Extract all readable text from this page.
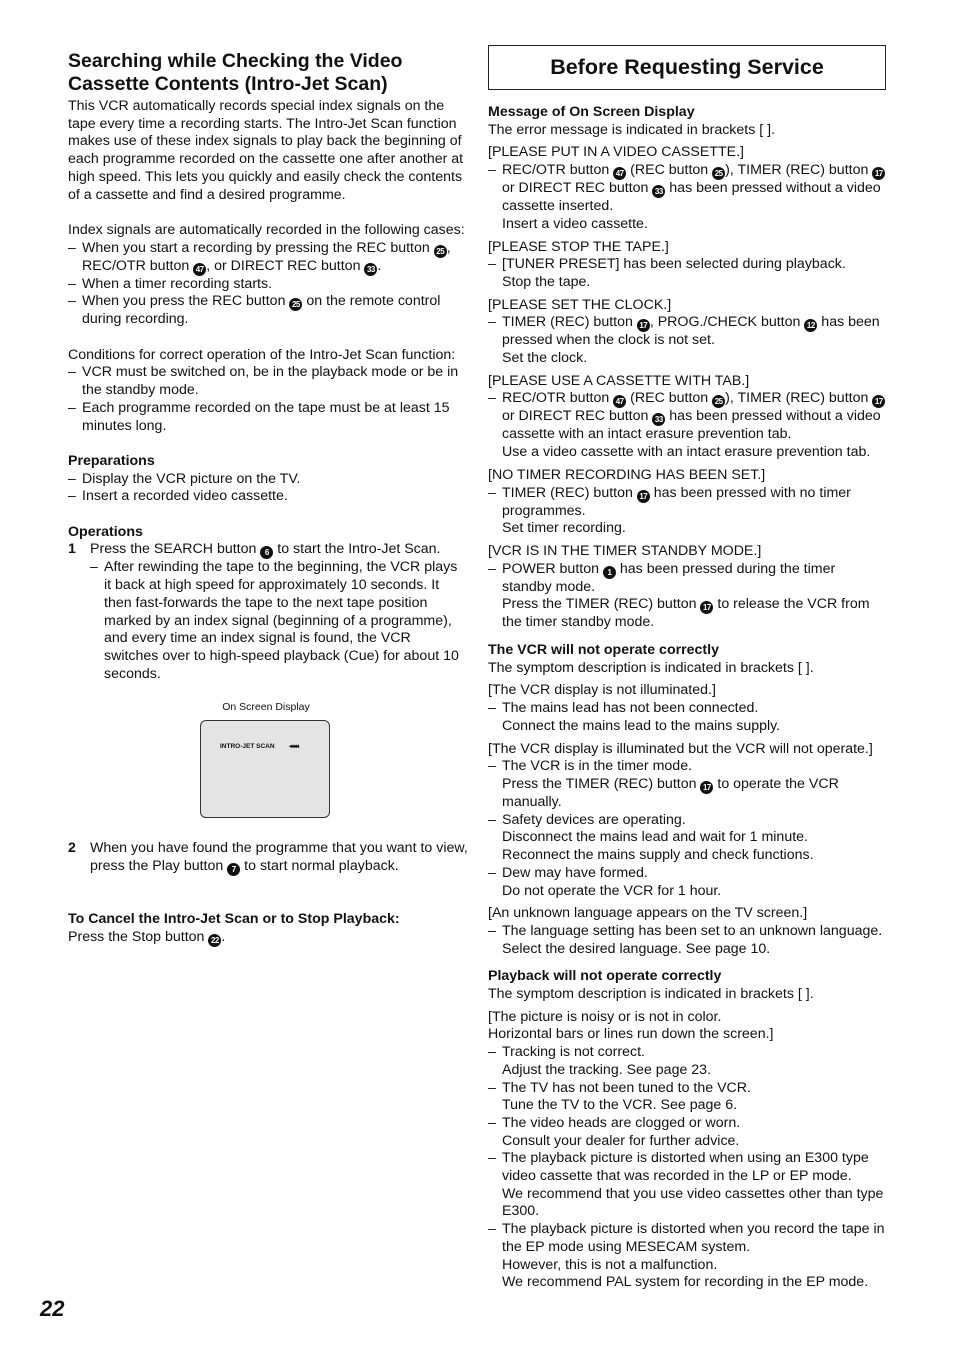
Searching while Checking the Video Cassette Contents (Intro-Jet Scan)

This VCR automatically records special index signals on the tape every time a recording starts. The Intro-Jet Scan function makes use of these index signals to play back the beginning of each programme recorded on the cassette one after another at high speed. This lets you quickly and easily check the contents of a cassette and find a desired programme.

Index signals are automatically recorded in the following cases:

– When you start a recording by pressing the REC button 25 , REC/OTR button 47 , or DIRECT REC button 33 .
– When a timer recording starts.
– When you press the REC button 25 on the remote control during recording.

Conditions for correct operation of the Intro-Jet Scan function:

– VCR must be switched on, be in the playback mode or be in the standby mode.
– Each programme recorded on the tape must be at least 15 minutes long.

Preparations

– Display the VCR picture on the TV.
– Insert a recorded video cassette.

Operations

1 Press the SEARCH button 6 to start the Intro-Jet Scan.
– After rewinding the tape to the beginning, the VCR plays it back at high speed for approximately 10 seconds. It then fast-forwards the tape to the next tape position marked by an index signal (beginning of a programme), and every time an index signal is found, the VCR switches over to high-speed playback (Cue) for about 10 seconds.
On Screen Display
INTRO-JET SCAN ◂◂◂◂
2 When you have found the programme that you want to view, press the Play button 7 to start normal playback.

To Cancel the Intro-Jet Scan or to Stop Playback:

Press the Stop button 22 .

Before Requesting Service

Message of On Screen Display

The error message is indicated in brackets [ ].

[PLEASE PUT IN A VIDEO CASSETTE.]

– REC/OTR button 47 (REC button 25 ), TIMER (REC) button 17 or DIRECT REC button 33 has been pressed without a video cassette inserted.
Insert a video cassette.

[PLEASE STOP THE TAPE.]

– [TUNER PRESET] has been selected during playback.
Stop the tape.

[PLEASE SET THE CLOCK.]

– TIMER (REC) button 17 , PROG./CHECK button 12 has been pressed when the clock is not set.
Set the clock.

[PLEASE USE A CASSETTE WITH TAB.]

– REC/OTR button 47 (REC button 25 ), TIMER (REC) button 17 or DIRECT REC button 33 has been pressed without a video cassette with an intact erasure prevention tab.
Use a video cassette with an intact erasure prevention tab.

[NO TIMER RECORDING HAS BEEN SET.]

– TIMER (REC) button 17 has been pressed with no timer programmes.
Set timer recording.

[VCR IS IN THE TIMER STANDBY MODE.]

– POWER button 1 has been pressed during the timer standby mode.
Press the TIMER (REC) button 17 to release the VCR from the timer standby mode.

The VCR will not operate correctly

The symptom description is indicated in brackets [ ].

[The VCR display is not illuminated.]

– The mains lead has not been connected.
Connect the mains lead to the mains supply.

[The VCR display is illuminated but the VCR will not operate.]

– The VCR is in the timer mode.
Press the TIMER (REC) button 17 to operate the VCR manually.
– Safety devices are operating.
Disconnect the mains lead and wait for 1 minute.
Reconnect the mains supply and check functions.
– Dew may have formed.
Do not operate the VCR for 1 hour.

[An unknown language appears on the TV screen.]

– The language setting has been set to an unknown language.
Select the desired language. See page 10.

Playback will not operate correctly

The symptom description is indicated in brackets [ ].

[The picture is noisy or is not in color.

Horizontal bars or lines run down the screen.]

– Tracking is not correct.
Adjust the tracking. See page 23.
– The TV has not been tuned to the VCR.
Tune the TV to the VCR. See page 6.
– The video heads are clogged or worn.
Consult your dealer for further advice.
– The playback picture is distorted when using an E300 type video cassette that was recorded in the LP or EP mode.
We recommend that you use video cassettes other than type E300.
– The playback picture is distorted when you record the tape in the EP mode using MESECAM system.
However, this is not a malfunction.
We recommend PAL system for recording in the EP mode.
22
